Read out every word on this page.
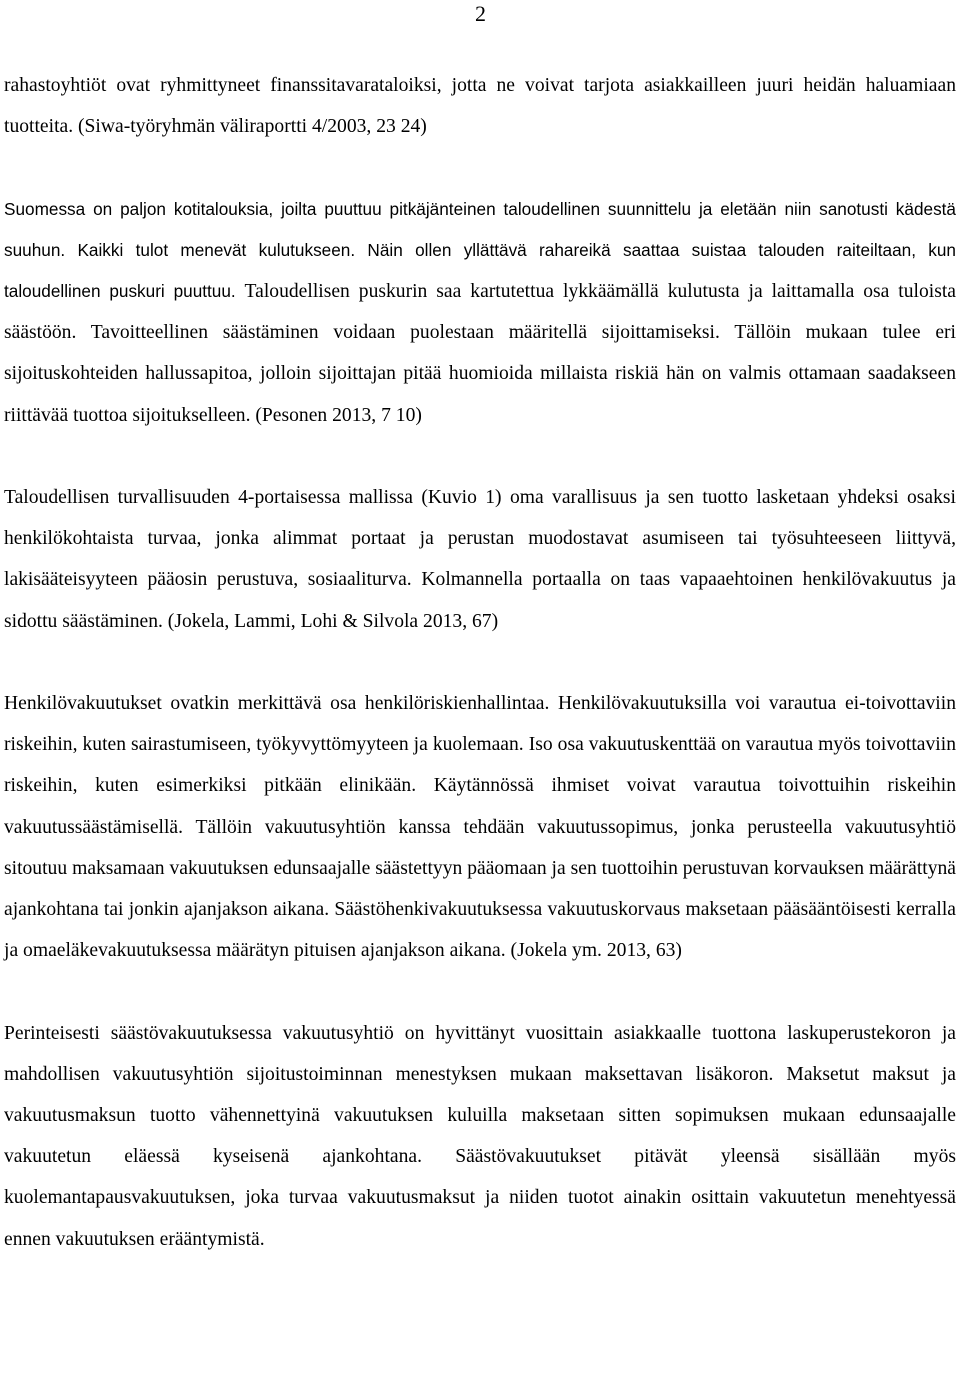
2

rahastoyhtiöt ovat ryhmittyneet finanssitavarataloiksi, jotta ne voivat tarjota asiakkailleen juuri heidän haluamiaan tuotteita. (Siwa-työryhmän väliraportti 4/2003, 23 24)

Suomessa on paljon kotitalouksia, joilta puuttuu pitkäjänteinen taloudellinen suunnittelu ja eletään niin sanotusti kädestä suuhun. Kaikki tulot menevät kulutukseen. Näin ollen yllättävä rahareikä saattaa suistaa talouden raiteiltaan, kun taloudellinen puskuri puuttuu. Taloudellisen puskurin saa kartutettua lykkäämällä kulutusta ja laittamalla osa tuloista säästöön. Tavoitteellinen säästäminen voidaan puolestaan määritellä sijoittamiseksi. Tällöin mukaan tulee eri sijoituskohteiden hallussapitoa, jolloin sijoittajan pitää huomioida millaista riskiä hän on valmis ottamaan saadakseen riittävää tuottoa sijoitukselleen. (Pesonen 2013, 7 10)

Taloudellisen turvallisuuden 4-portaisessa mallissa (Kuvio 1) oma varallisuus ja sen tuotto lasketaan yhdeksi osaksi henkilökohtaista turvaa, jonka alimmat portaat ja perustan muodostavat asumiseen tai työsuhteeseen liittyvä, lakisääteisyyteen pääosin perustuva, sosiaaliturva. Kolmannella portaalla on taas vapaaehtoinen henkilövakuutus ja sidottu säästäminen. (Jokela, Lammi, Lohi & Silvola 2013, 67)

Henkilövakuutukset ovatkin merkittävä osa henkilöriskienhallintaa. Henkilövakuutuksilla voi varautua ei-toivottaviin riskeihin, kuten sairastumiseen, työkyvyttömyyteen ja kuolemaan. Iso osa vakuutuskenttää on varautua myös toivottaviin riskeihin, kuten esimerkiksi pitkään elinikään. Käytännössä ihmiset voivat varautua toivottuihin riskeihin vakuutussäästämisellä. Tällöin vakuutusyhtiön kanssa tehdään vakuutussopimus, jonka perusteella vakuutusyhtiö sitoutuu maksamaan vakuutuksen edunsaajalle säästettyyn pääomaan ja sen tuottoihin perustuvan korvauksen määrättynä ajankohtana tai jonkin ajanjakson aikana. Säästöhenkivakuutuksessa vakuutuskorvaus maksetaan pääsääntöisesti kerralla ja omaeläkevakuutuksessa määrätyn pituisen ajanjakson aikana. (Jokela ym. 2013, 63)

Perinteisesti säästövakuutuksessa vakuutusyhtiö on hyvittänyt vuosittain asiakkaalle tuottona laskuperustekoron ja mahdollisen vakuutusyhtiön sijoitustoiminnan menestyksen mukaan maksettavan lisäkoron. Maksetut maksut ja vakuutusmaksun tuotto vähennettyinä vakuutuksen kuluilla maksetaan sitten sopimuksen mukaan edunsaajalle vakuutetun eläessä kyseisenä ajankohtana. Säästövakuutukset pitävät yleensä sisällään myös kuolemantapausvakuutuksen, joka turvaa vakuutusmaksut ja niiden tuotot ainakin osittain vakuutetun menehtyessä ennen vakuutuksen erääntymistä.
